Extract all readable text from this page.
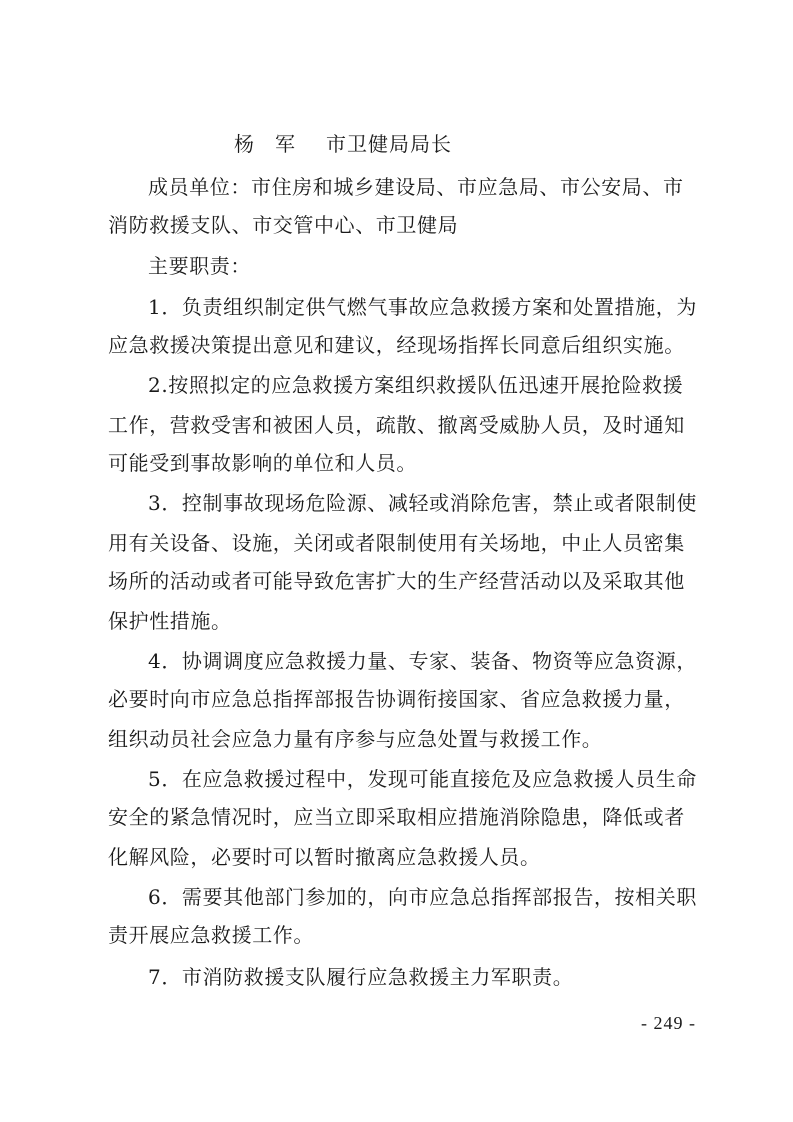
杨 军 市卫健局局长
成员单位：市住房和城乡建设局、市应急局、市公安局、市
消防救援支队、市交管中心、市卫健局
主要职责：
1．负责组织制定供气燃气事故应急救援方案和处置措施，为
应急救援决策提出意见和建议，经现场指挥长同意后组织实施。
2.按照拟定的应急救援方案组织救援队伍迅速开展抢险救援
工作，营救受害和被困人员，疏散、撤离受威胁人员，及时通知
可能受到事故影响的单位和人员。
3．控制事故现场危险源、减轻或消除危害，禁止或者限制使
用有关设备、设施，关闭或者限制使用有关场地，中止人员密集
场所的活动或者可能导致危害扩大的生产经营活动以及采取其他
保护性措施。
4．协调调度应急救援力量、专家、装备、物资等应急资源，
必要时向市应急总指挥部报告协调衔接国家、省应急救援力量，
组织动员社会应急力量有序参与应急处置与救援工作。
5．在应急救援过程中，发现可能直接危及应急救援人员生命
安全的紧急情况时，应当立即采取相应措施消除隐患，降低或者
化解风险，必要时可以暂时撤离应急救援人员。
6．需要其他部门参加的，向市应急总指挥部报告，按相关职
责开展应急救援工作。
7．市消防救援支队履行应急救援主力军职责。
- 249 -
